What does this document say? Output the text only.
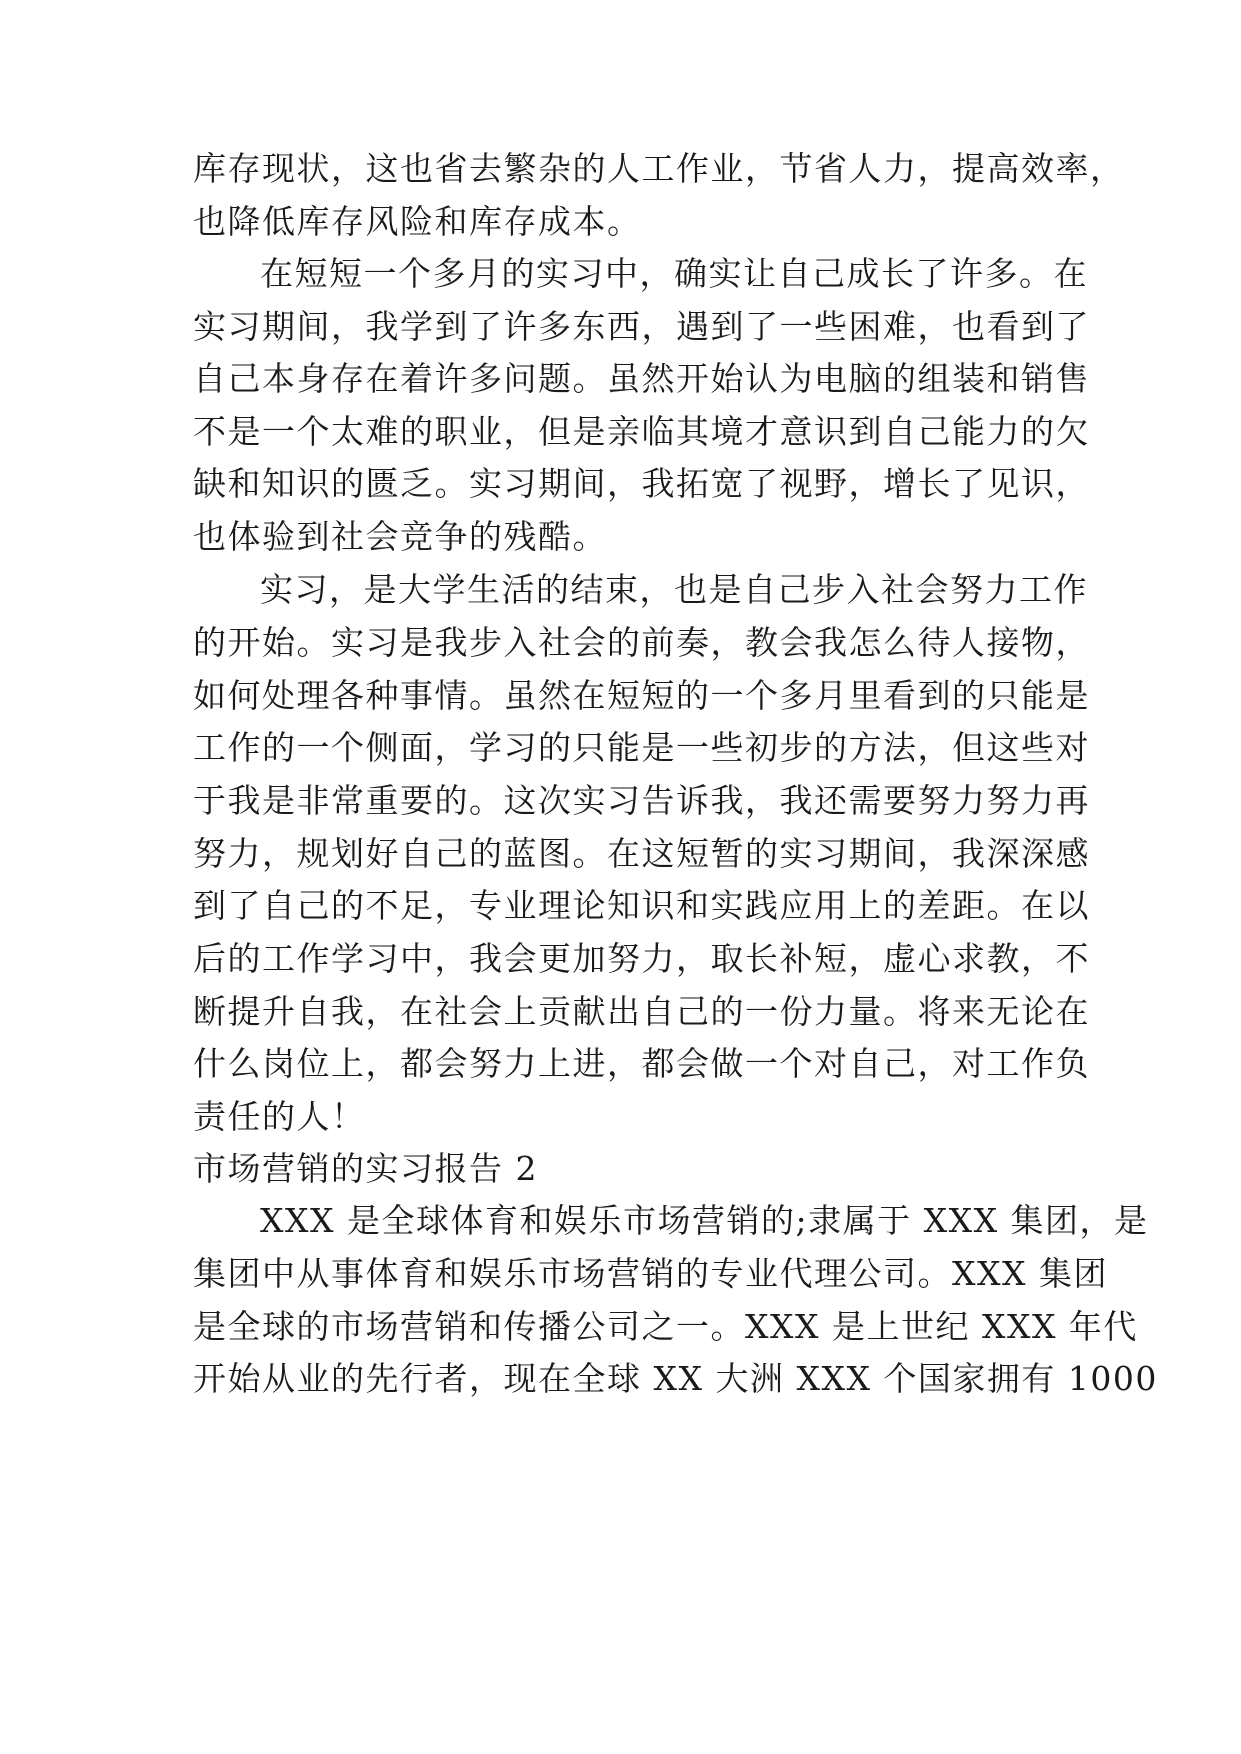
库存现状，这也省去繁杂的人工作业，节省人力，提高效率，
也降低库存风险和库存成本。
在短短一个多月的实习中，确实让自己成长了许多。在
实习期间，我学到了许多东西，遇到了一些困难，也看到了
自己本身存在着许多问题。虽然开始认为电脑的组装和销售
不是一个太难的职业，但是亲临其境才意识到自己能力的欠
缺和知识的匮乏。实习期间，我拓宽了视野，增长了见识，
也体验到社会竞争的残酷。
实习，是大学生活的结束，也是自己步入社会努力工作
的开始。实习是我步入社会的前奏，教会我怎么待人接物，
如何处理各种事情。虽然在短短的一个多月里看到的只能是
工作的一个侧面，学习的只能是一些初步的方法，但这些对
于我是非常重要的。这次实习告诉我，我还需要努力努力再
努力，规划好自己的蓝图。在这短暂的实习期间，我深深感
到了自己的不足，专业理论知识和实践应用上的差距。在以
后的工作学习中，我会更加努力，取长补短，虚心求教，不
断提升自我，在社会上贡献出自己的一份力量。将来无论在
什么岗位上，都会努力上进，都会做一个对自己，对工作负
责任的人！
市场营销的实习报告 2
XXX 是全球体育和娱乐市场营销的;隶属于 XXX 集团，是
集团中从事体育和娱乐市场营销的专业代理公司。XXX 集团
是全球的市场营销和传播公司之一。XXX 是上世纪 XXX 年代
开始从业的先行者，现在全球 XX 大洲 XXX 个国家拥有 1000
